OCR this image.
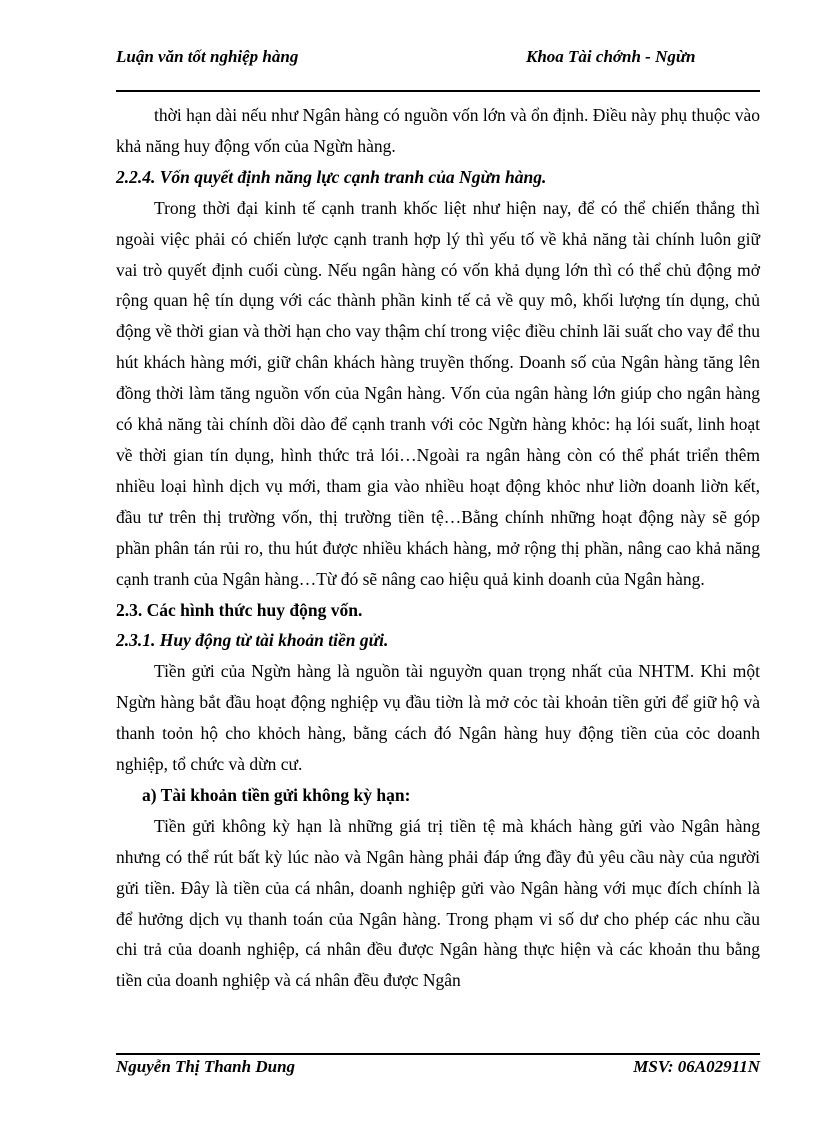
Luận văn tốt nghiệp hàng	Khoa Tài chớnh - Ngừn

thời hạn dài nếu như Ngân hàng có nguồn vốn lớn và ổn định. Điều này phụ thuộc vào khả năng huy động vốn của Ngừn hàng.

2.2.4. Vốn quyết định năng lực cạnh tranh của Ngừn hàng.

Trong thời đại kinh tế cạnh tranh khốc liệt như hiện nay, để có thể chiến thắng thì ngoài việc phải có chiến lược cạnh tranh hợp lý thì yếu tố về khả năng tài chính luôn giữ vai trò quyết định cuối cùng. Nếu ngân hàng có vốn khả dụng lớn thì có thể chủ động mở rộng quan hệ tín dụng với các thành phần kinh tế cả về quy mô, khối lượng tín dụng, chủ động về thời gian và thời hạn cho vay thậm chí trong việc điều chỉnh lãi suất cho vay để thu hút khách hàng mới, giữ chân khách hàng truyền thống. Doanh số của Ngân hàng tăng lên đồng thời làm tăng nguồn vốn của Ngân hàng. Vốn của ngân hàng lớn giúp cho ngân hàng có khả năng tài chính dồi dào để cạnh tranh với cỏc Ngừn hàng khỏc: hạ lói suất, linh hoạt về thời gian tín dụng, hình thức trả lói…Ngoài ra ngân hàng còn có thể phát triển thêm nhiều loại hình dịch vụ mới, tham gia vào nhiều hoạt động khỏc như liờn doanh liờn kết, đầu tư trên thị trường vốn, thị trường tiền tệ…Bằng chính những hoạt động này sẽ góp phần phân tán rủi ro, thu hút được nhiều khách hàng, mở rộng thị phần, nâng cao khả năng cạnh tranh của Ngân hàng…Từ đó sẽ nâng cao hiệu quả kinh doanh của Ngân hàng.

2.3. Các hình thức huy động vốn.

2.3.1. Huy động từ tài khoản tiền gửi.

Tiền gửi của Ngừn hàng là nguồn tài nguyờn quan trọng nhất của NHTM. Khi một Ngừn hàng bắt đầu hoạt động nghiệp vụ đầu tiờn là mở cỏc tài khoản tiền gửi để giữ hộ và thanh toỏn hộ cho khỏch hàng, bằng cách đó Ngân hàng huy động tiền của cỏc doanh nghiệp, tổ chức và dừn cư.

a) Tài khoản tiền gửi không kỳ hạn:

Tiền gửi không kỳ hạn là những giá trị tiền tệ mà khách hàng gửi vào Ngân hàng nhưng có thể rút bất kỳ lúc nào và Ngân hàng phải đáp ứng đầy đủ yêu cầu này của người gửi tiền. Đây là tiền của cá nhân, doanh nghiệp gửi vào Ngân hàng với mục đích chính là để hưởng dịch vụ thanh toán của Ngân hàng. Trong phạm vi số dư cho phép các nhu cầu chi trả của doanh nghiệp, cá nhân đều được Ngân hàng thực hiện và các khoản thu bằng tiền của doanh nghiệp và cá nhân đều được Ngân

Nguyễn Thị Thanh Dung	MSV: 06A02911N
